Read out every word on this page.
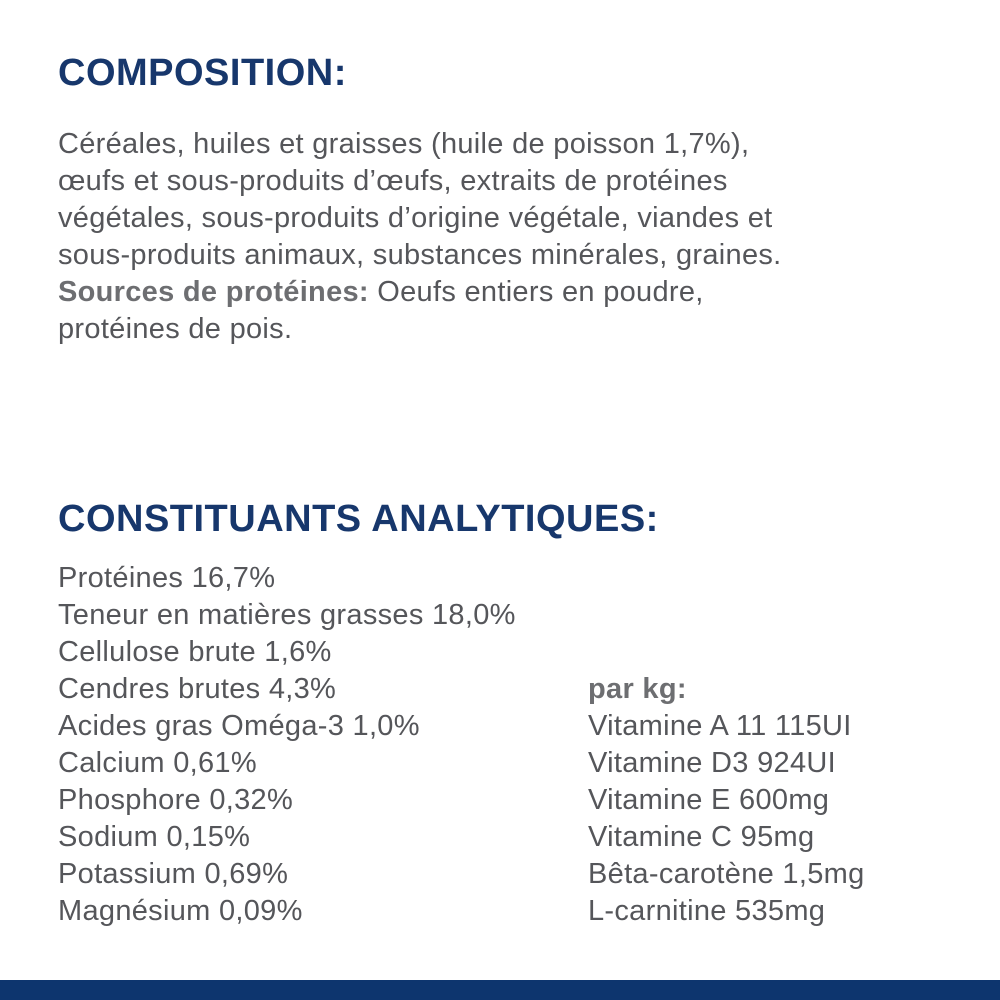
COMPOSITION:
Céréales, huiles et graisses (huile de poisson 1,7%),
œufs et sous-produits d’œufs, extraits de protéines
végétales, sous-produits d’origine végétale, viandes et
sous-produits animaux, substances minérales, graines.
Sources de protéines: Oeufs entiers en poudre,
protéines de pois.
CONSTITUANTS ANALYTIQUES:
Protéines 16,7%
Teneur en matières grasses 18,0%
Cellulose brute 1,6%
Cendres brutes 4,3%
Acides gras Oméga-3 1,0%
Calcium 0,61%
Phosphore 0,32%
Sodium 0,15%
Potassium 0,69%
Magnésium 0,09%
par kg:
Vitamine A 11 115UI
Vitamine D3 924UI
Vitamine E 600mg
Vitamine C 95mg
Bêta-carotène 1,5mg
L-carnitine 535mg
